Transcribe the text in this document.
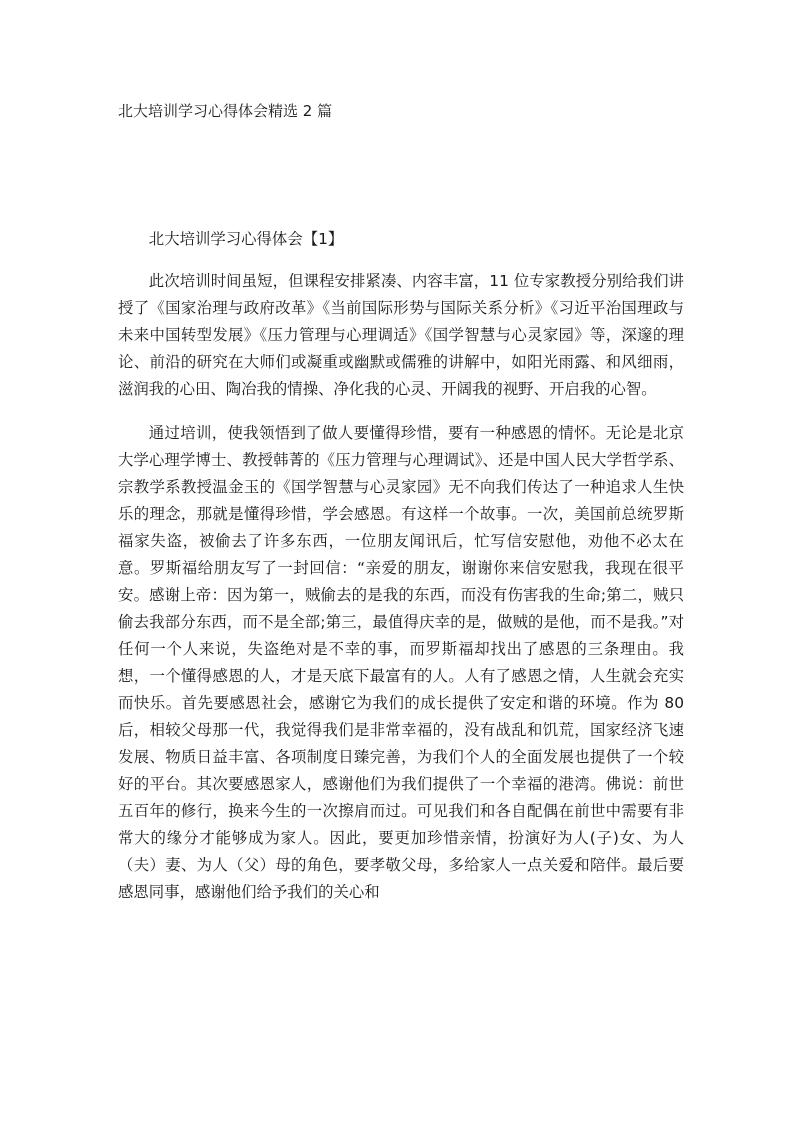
北大培训学习心得体会精选 2 篇

北大培训学习心得体会【1】

此次培训时间虽短，但课程安排紧凑、内容丰富，11 位专家教授分别给我们讲授了《国家治理与政府改革》《当前国际形势与国际关系分析》《习近平治国理政与未来中国转型发展》《压力管理与心理调适》《国学智慧与心灵家园》等，深邃的理论、前沿的研究在大师们或凝重或幽默或儒雅的讲解中，如阳光雨露、和风细雨，滋润我的心田、陶冶我的情操、净化我的心灵、开阔我的视野、开启我的心智。

通过培训，使我领悟到了做人要懂得珍惜，要有一种感恩的情怀。无论是北京大学心理学博士、教授韩菁的《压力管理与心理调试》、还是中国人民大学哲学系、宗教学系教授温金玉的《国学智慧与心灵家园》无不向我们传达了一种追求人生快乐的理念，那就是懂得珍惜，学会感恩。有这样一个故事。一次，美国前总统罗斯福家失盗，被偷去了许多东西，一位朋友闻讯后，忙写信安慰他，劝他不必太在意。罗斯福给朋友写了一封回信：“亲爱的朋友，谢谢你来信安慰我，我现在很平安。感谢上帝：因为第一，贼偷去的是我的东西，而没有伤害我的生命;第二，贼只偷去我部分东西，而不是全部;第三，最值得庆幸的是，做贼的是他，而不是我。”对任何一个人来说，失盗绝对是不幸的事，而罗斯福却找出了感恩的三条理由。我想，一个懂得感恩的人，才是天底下最富有的人。人有了感恩之情，人生就会充实而快乐。首先要感恩社会，感谢它为我们的成长提供了安定和谐的环境。作为 80 后，相较父母那一代，我觉得我们是非常幸福的，没有战乱和饥荒，国家经济飞速发展、物质日益丰富、各项制度日臻完善，为我们个人的全面发展也提供了一个较好的平台。其次要感恩家人，感谢他们为我们提供了一个幸福的港湾。佛说：前世五百年的修行，换来今生的一次擦肩而过。可见我们和各自配偶在前世中需要有非常大的缘分才能够成为家人。因此，要更加珍惜亲情，扮演好为人(子)女、为人（夫）妻、为人（父）母的角色，要孝敬父母，多给家人一点关爱和陪伴。最后要感恩同事，感谢他们给予我们的关心和
